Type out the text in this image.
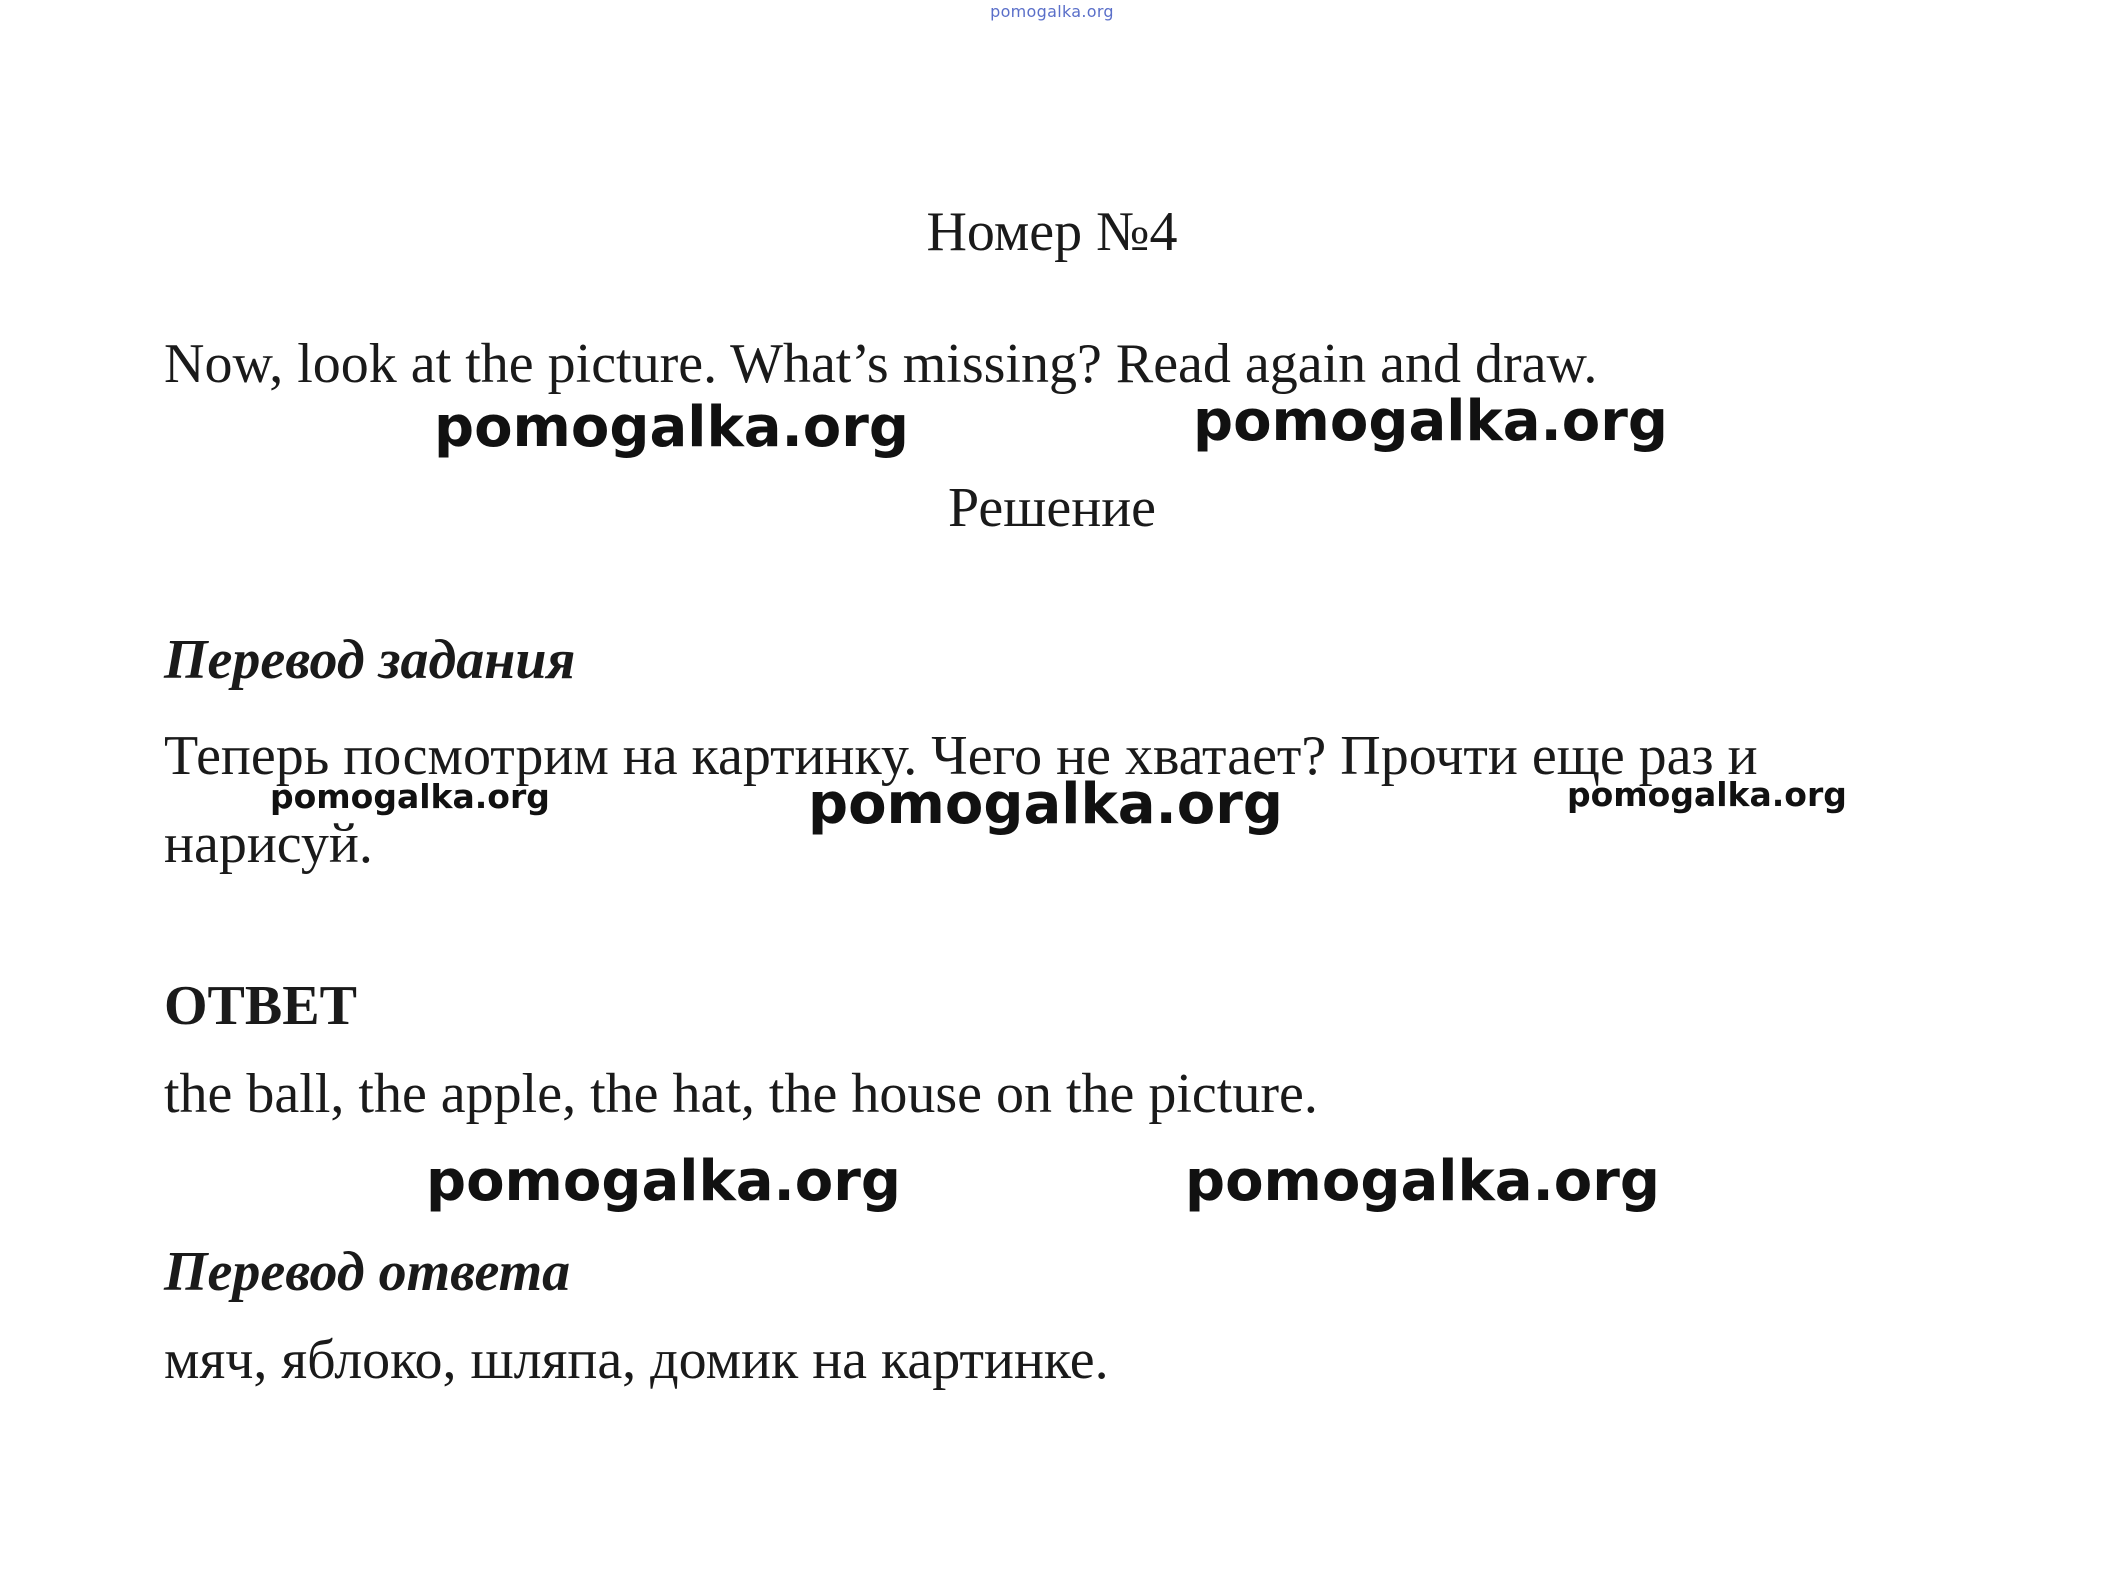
pomogalka.org
Номер №4
Now, look at the picture. What’s missing? Read again and draw.
pomogalka.org	pomogalka.org
Решение
Перевод задания
Теперь посмотрим на картинку. Чего не хватает? Прочти еще раз и нарисуй.
pomogalka.org	pomogalka.org	pomogalka.org
ОТВЕТ
the ball, the apple, the hat, the house on the picture.
pomogalka.org	pomogalka.org
Перевод ответа
мяч, яблоко, шляпа, домик на картинке.
